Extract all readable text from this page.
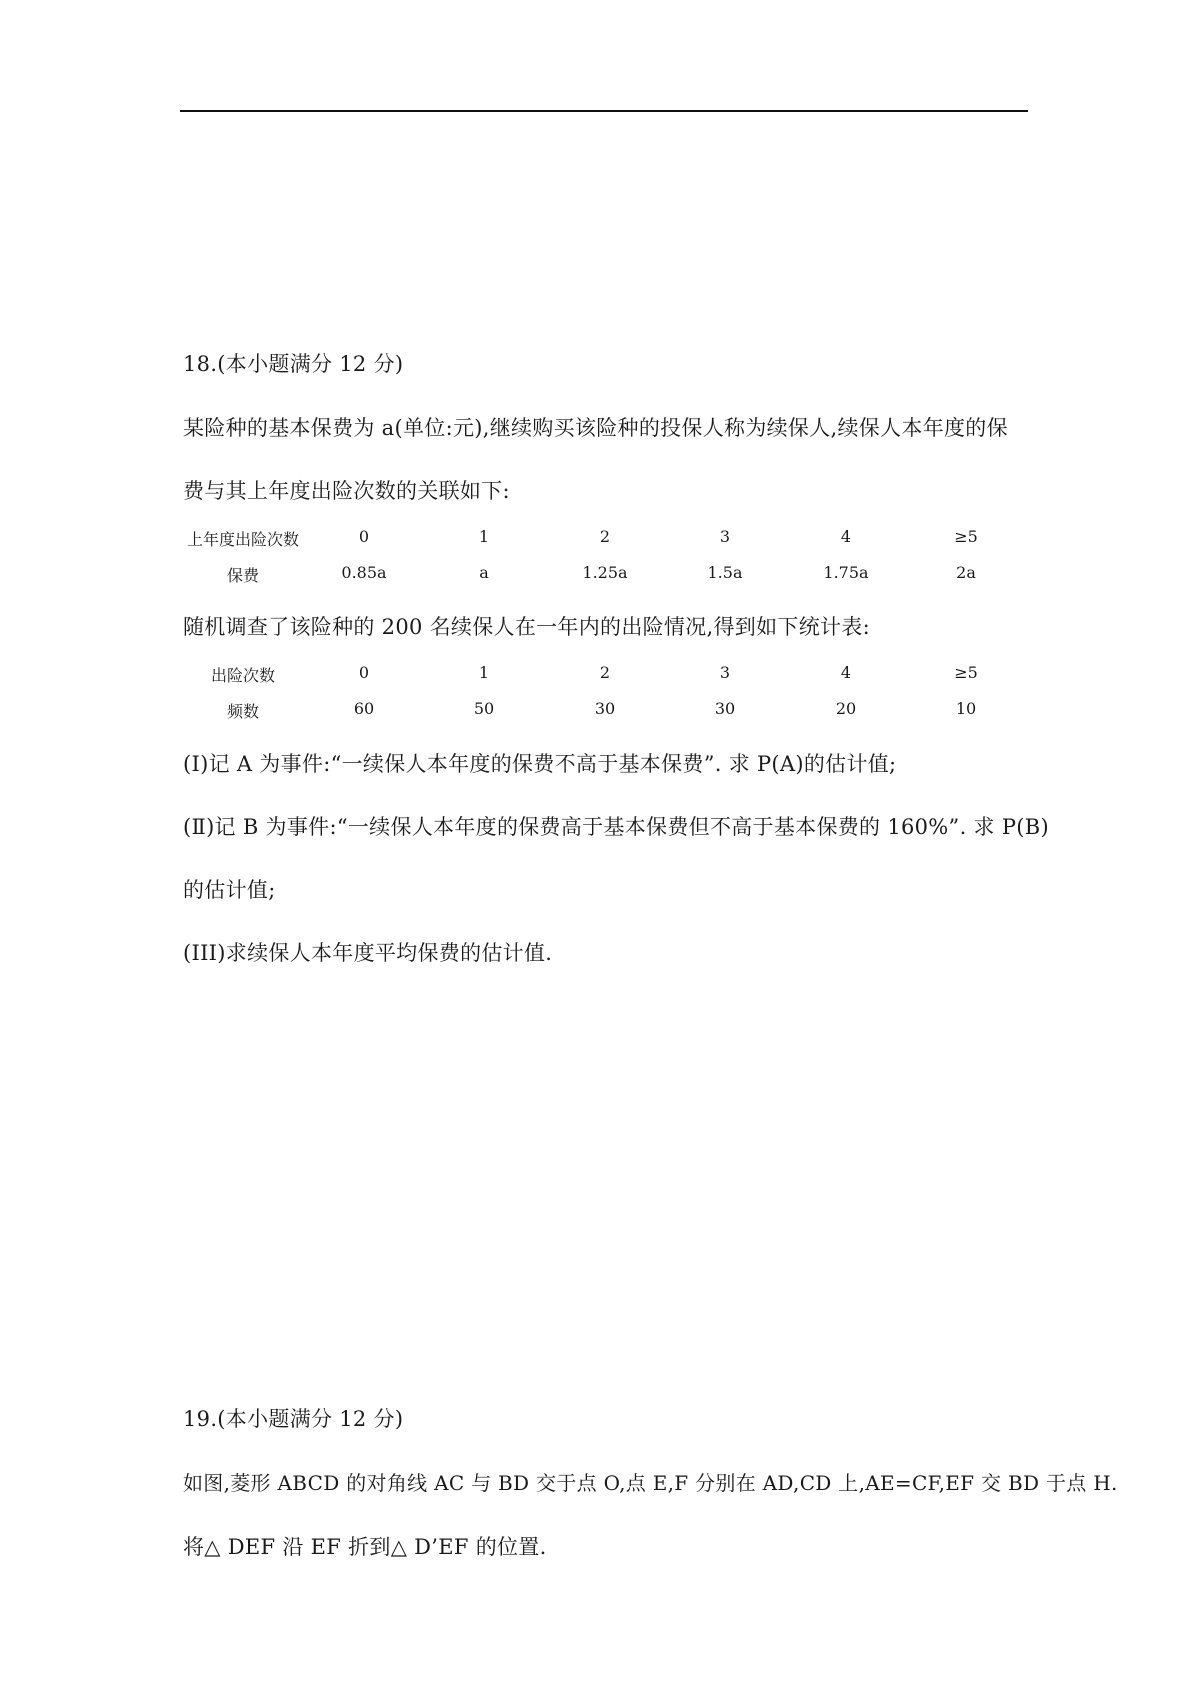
18.(本小题满分 12 分)
某险种的基本保费为 a(单位:元),继续购买该险种的投保人称为续保人,续保人本年度的保
费与其上年度出险次数的关联如下:
上年度出险次数	0	1	2	3	4	≥5
保费	0.85a	a	1.25a	1.5a	1.75a	2a
随机调查了该险种的 200 名续保人在一年内的出险情况,得到如下统计表:
出险次数	0	1	2	3	4	≥5
频数	60	50	30	30	20	10
(Ⅰ)记 A 为事件:“一续保人本年度的保费不高于基本保费”. 求 P(A)的估计值;
(Ⅱ)记 B 为事件:“一续保人本年度的保费高于基本保费但不高于基本保费的 160%”. 求 P(B)
的估计值;
(III)求续保人本年度平均保费的估计值.
19.(本小题满分 12 分)
如图,菱形 ABCD 的对角线 AC 与 BD 交于点 O,点 E,F 分别在 AD,CD 上,AE=CF,EF 交 BD 于点 H.
将△ DEF 沿 EF 折到△ D’EF 的位置.
